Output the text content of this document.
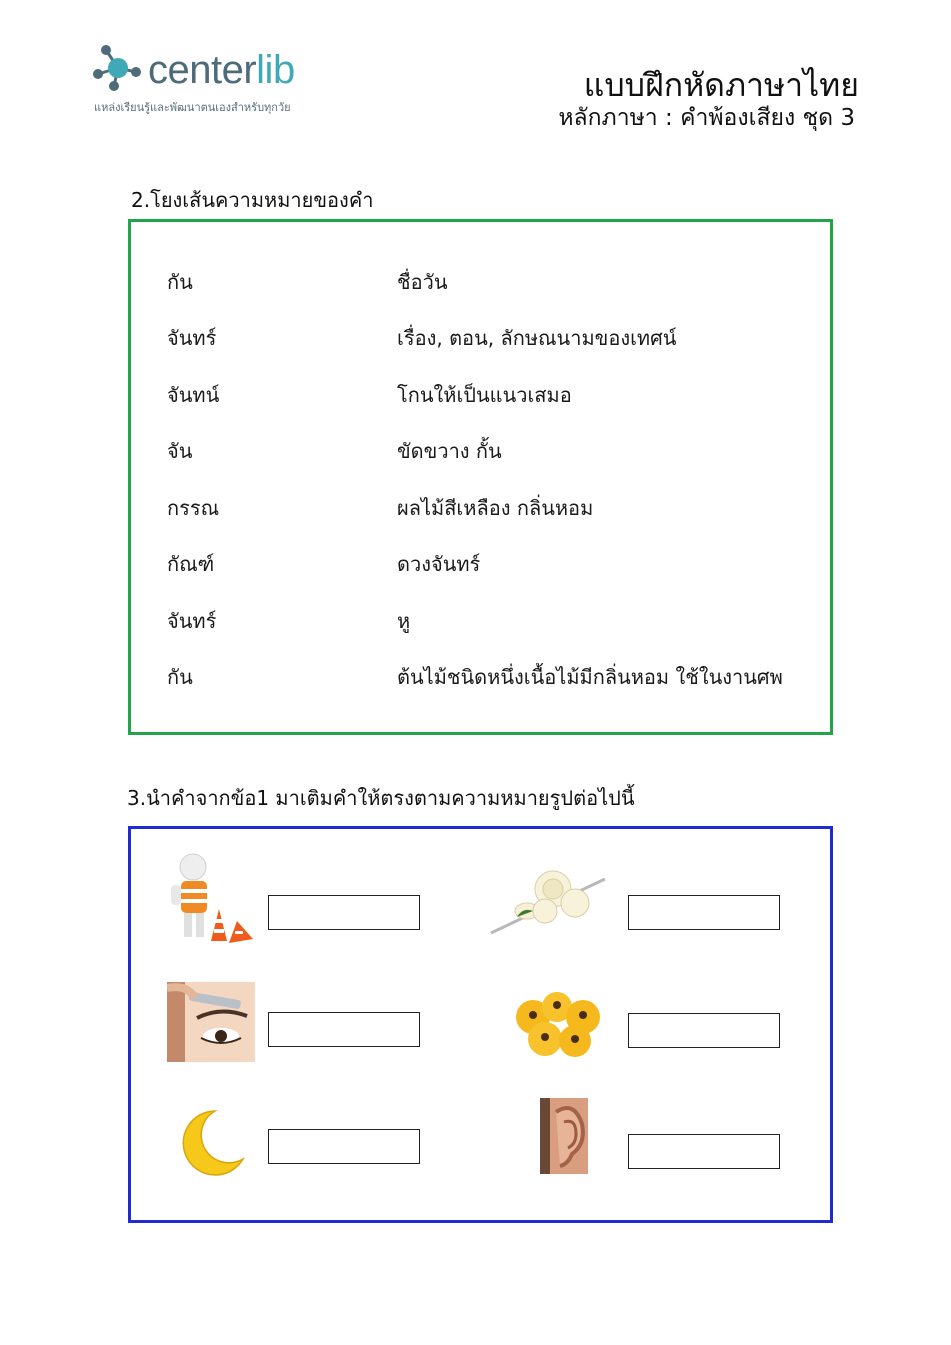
centerlib
แหล่งเรียนรู้และพัฒนาตนเองสำหรับทุกวัย
แบบฝึกหัดภาษาไทย
หลักภาษา : คำพ้องเสียง ชุด 3
2.โยงเส้นความหมายของคำ
กัน	ชื่อวัน
จันทร์	เรื่อง, ตอน, ลักษณนามของเทศน์
จันทน์	โกนให้เป็นแนวเสมอ
จัน	ขัดขวาง กั้น
กรรณ	ผลไม้สีเหลือง กลิ่นหอม
กัณฑ์	ดวงจันทร์
จันทร์	หู
กัน	ต้นไม้ชนิดหนึ่งเนื้อไม้มีกลิ่นหอม ใช้ในงานศพ
3.นำคำจากข้อ1 มาเติมคำให้ตรงตามความหมายรูปต่อไปนี้
